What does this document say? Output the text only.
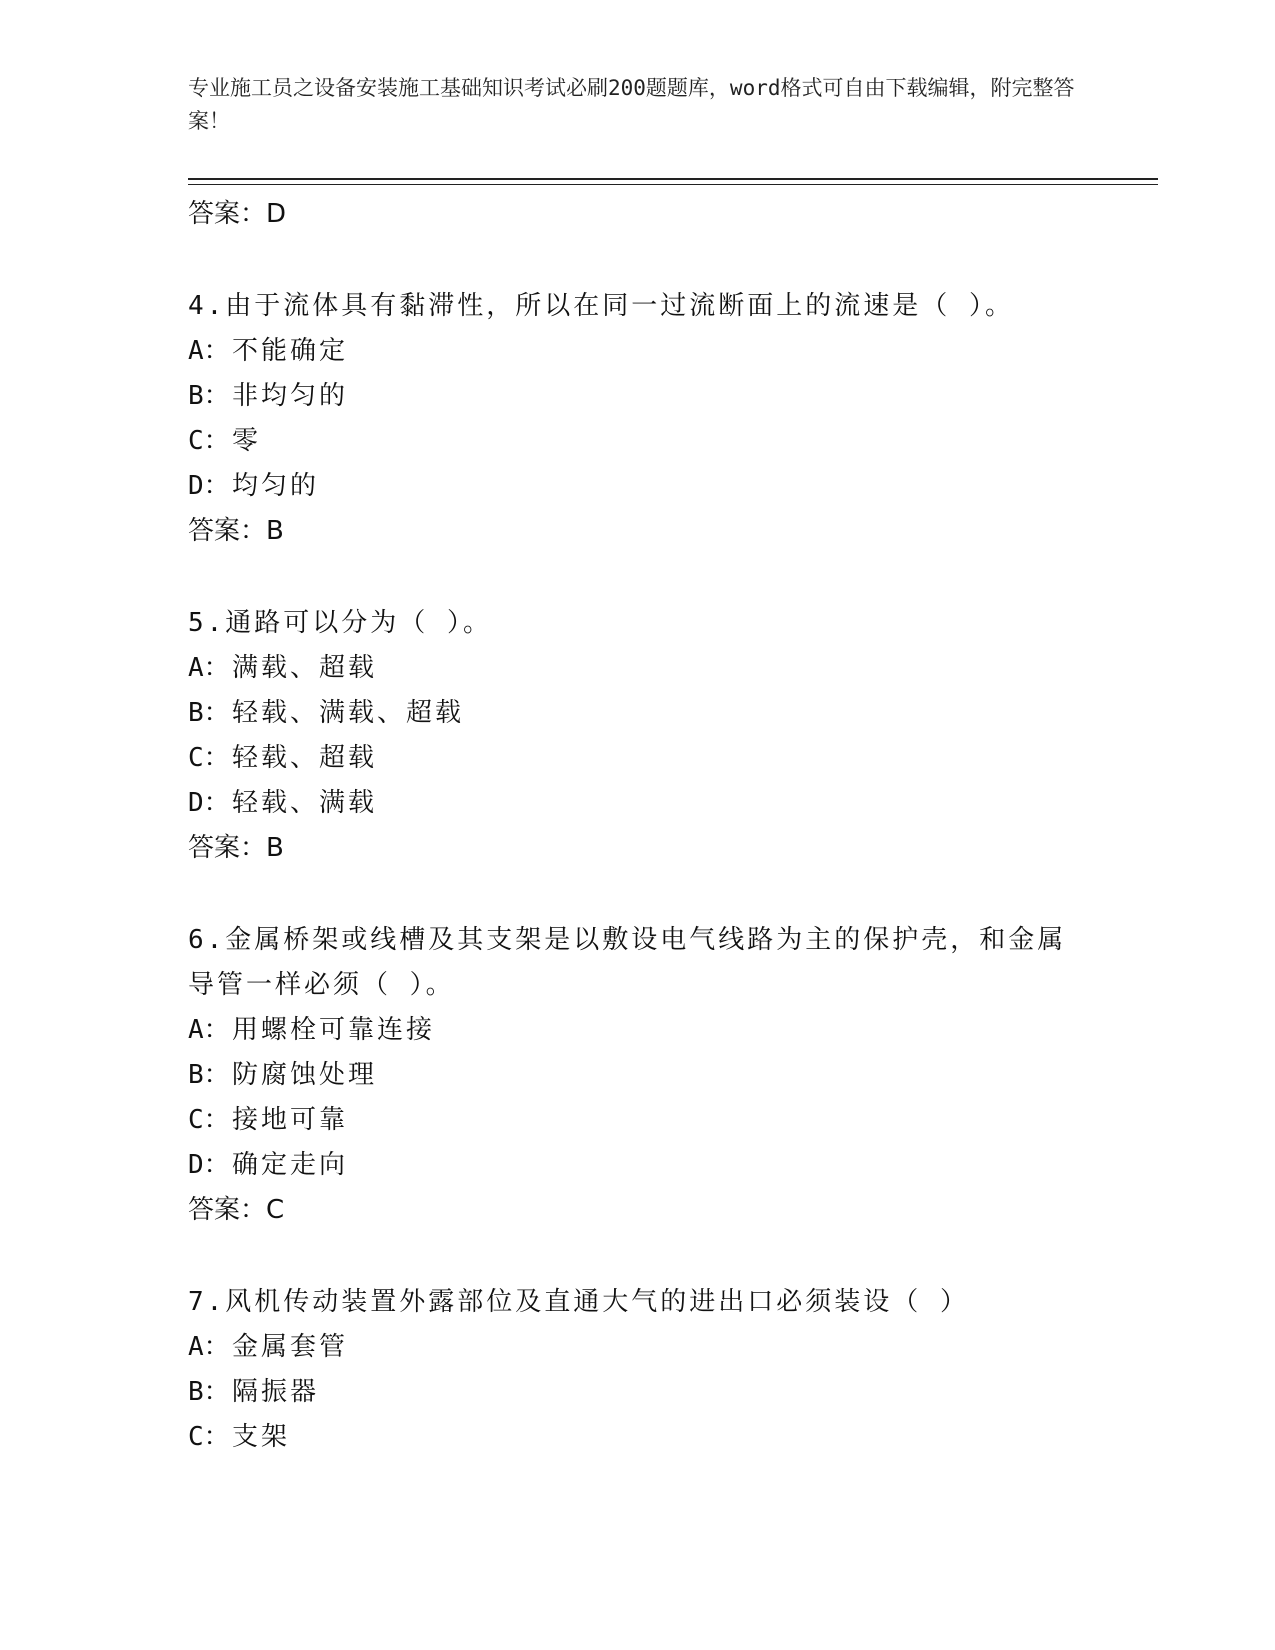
专业施工员之设备安装施工基础知识考试必刷200题题库，word格式可自由下载编辑，附完整答案！
答案：D
4.由于流体具有黏滞性，所以在同一过流断面上的流速是（ ）。
A：不能确定
B：非均匀的
C：零
D：均匀的
答案：B
5.通路可以分为（ ）。
A：满载、超载
B：轻载、满载、超载
C：轻载、超载
D：轻载、满载
答案：B
6.金属桥架或线槽及其支架是以敷设电气线路为主的保护壳，和金属导管一样必须（ ）。
A：用螺栓可靠连接
B：防腐蚀处理
C：接地可靠
D：确定走向
答案：C
7.风机传动装置外露部位及直通大气的进出口必须装设（ ）
A：金属套管
B：隔振器
C：支架
